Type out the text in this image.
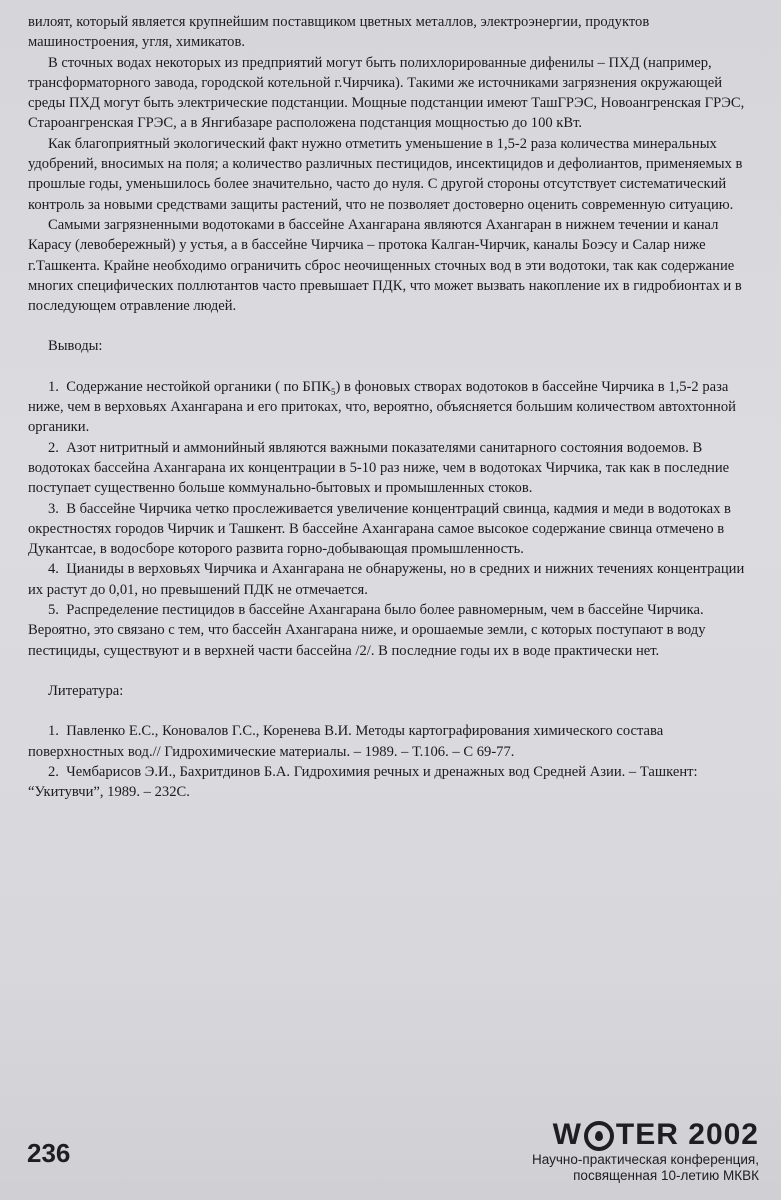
вилоят, который является крупнейшим поставщиком цветных металлов, электроэнергии, продуктов машиностроения, угля, химикатов.

В сточных водах некоторых из предприятий могут быть полихлорированные дифенилы – ПХД (например, трансформаторного завода, городской котельной г.Чирчика). Такими же источниками загрязнения окружающей среды ПХД могут быть электрические подстанции. Мощные подстанции имеют ТашГРЭС, Новоангренская ГРЭС, Староангренская ГРЭС, а в Янгибазаре расположена подстанция мощностью до 100 кВт.

Как благоприятный экологический факт нужно отметить уменьшение в 1,5-2 раза количества минеральных удобрений, вносимых на поля; а количество различных пестицидов, инсектицидов и дефолиантов, применяемых в прошлые годы, уменьшилось более значительно, часто до нуля. С другой стороны отсутствует систематический контроль за новыми средствами защиты растений, что не позволяет достоверно оценить современную ситуацию.

Самыми загрязненными водотоками в бассейне Ахангарана являются Ахангаран в нижнем течении и канал Карасу (левобережный) у устья, а в бассейне Чирчика – протока Калган-Чирчик, каналы Боэсу и Салар ниже г.Ташкента. Крайне необходимо ограничить сброс неочищенных сточных вод в эти водотоки, так как содержание многих специфических поллютантов часто превышает ПДК, что может вызвать накопление их в гидробионтах и в последующем отравление людей.

Выводы:

1. Содержание нестойкой органики ( по $БПК_5$) в фоновых створах водотоков в бассейне Чирчика в 1,5-2 раза ниже, чем в верховьях Ахангарана и его притоках, что, вероятно, объясняется большим количеством автохтонной органики.

2. Азот нитритный и аммонийный являются важными показателями санитарного состояния водоемов. В водотоках бассейна Ахангарана их концентрации в 5-10 раз ниже, чем в водотоках Чирчика, так как в последние поступает существенно больше коммунально-бытовых и промышленных стоков.

3. В бассейне Чирчика четко прослеживается увеличение концентраций свинца, кадмия и меди в водотоках в окрестностях городов Чирчик и Ташкент. В бассейне Ахангарана самое высокое содержание свинца отмечено в Дукантсае, в водосборе которого развита горно-добывающая промышленность.

4. Цианиды в верховьях Чирчика и Ахангарана не обнаружены, но в средних и нижних течениях концентрации их растут до 0,01, но превышений ПДК не отмечается.

5. Распределение пестицидов в бассейне Ахангарана было более равномерным, чем в бассейне Чирчика. Вероятно, это связано с тем, что бассейн Ахангарана ниже, и орошаемые земли, с которых поступают в воду пестициды, существуют и в верхней части бассейна /2/. В последние годы их в воде практически нет.

Литература:

1. Павленко Е.С., Коновалов Г.С., Коренева В.И. Методы картографирования химического состава поверхностных вод.// Гидрохимические материалы. – 1989. – Т.106. – С 69-77.

2. Чембарисов Э.И., Бахритдинов Б.А. Гидрохимия речных и дренажных вод Средней Азии. – Ташкент: “Укитувчи”, 1989. – 232С.

236
W TER 2002
Научно-практическая конференция,
посвященная 10-летию МКВК
